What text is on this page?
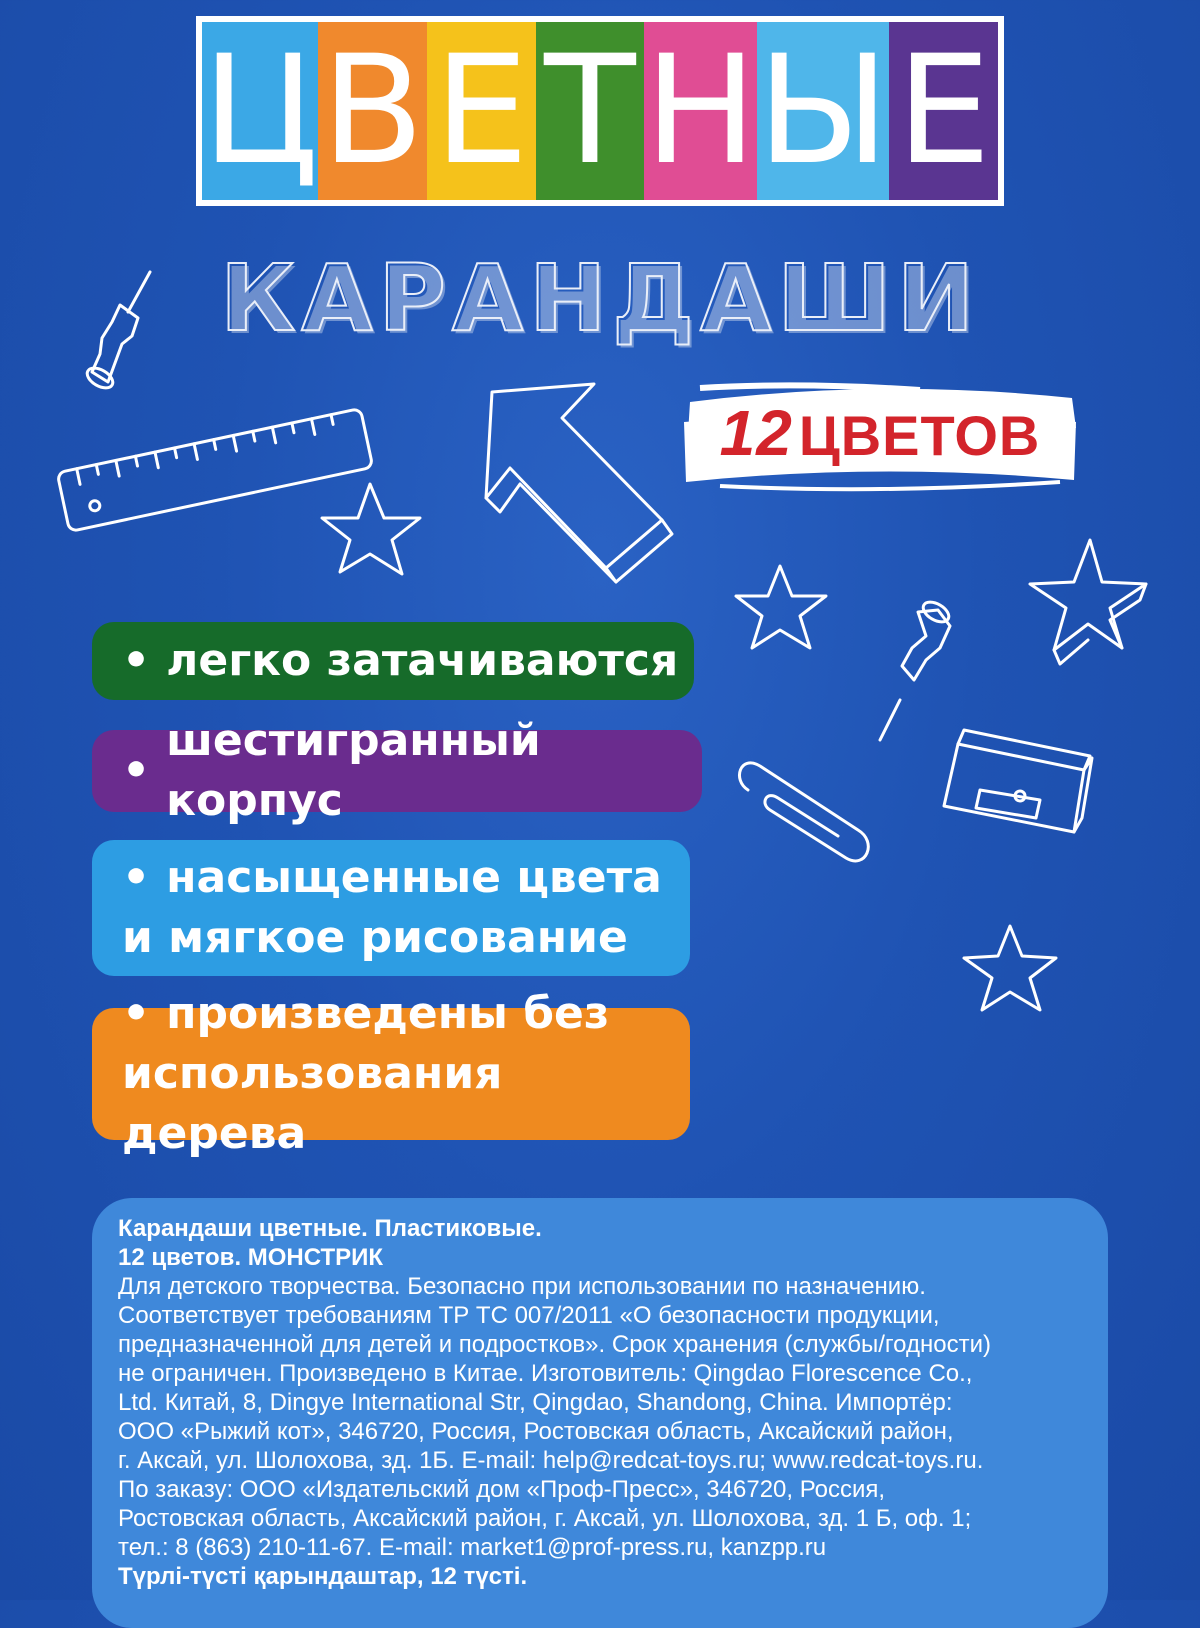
Ц В Е Т Н Ы Е
КАРАНДАШИ
12 ЦВЕТОВ
• легко затачиваются
•
шестигранный корпус
• насыщенные цвета
и мягкое рисование
• произведены без
использования дерева

Карандаши цветные. Пластиковые.

12 цветов. МОНСТРИК

Для детского творчества. Безопасно при использовании по назначению.

Соответствует требованиям ТР ТС 007/2011 «О безопасности продукции,

предназначенной для детей и подростков». Срок хранения (службы/годности)

не ограничен. Произведено в Китае. Изготовитель: Qingdao Florescence Co.,

Ltd. Китай, 8, Dingye International Str, Qingdao, Shandong, China. Импортёр:

ООО «Рыжий кот», 346720, Россия, Ростовская область, Аксайский район,

г. Аксай, ул. Шолохова, зд. 1Б. E-mail: help@redcat-toys.ru; www.redcat-toys.ru.

По заказу: ООО «Издательский дом «Проф-Пресс», 346720, Россия,

Ростовская область, Аксайский район, г. Аксай, ул. Шолохова, зд. 1 Б, оф. 1;

тел.: 8 (863) 210-11-67. E-mail: market1@prof-press.ru, kanzpp.ru

Түрлі-түсті қарындаштар, 12 түсті.
